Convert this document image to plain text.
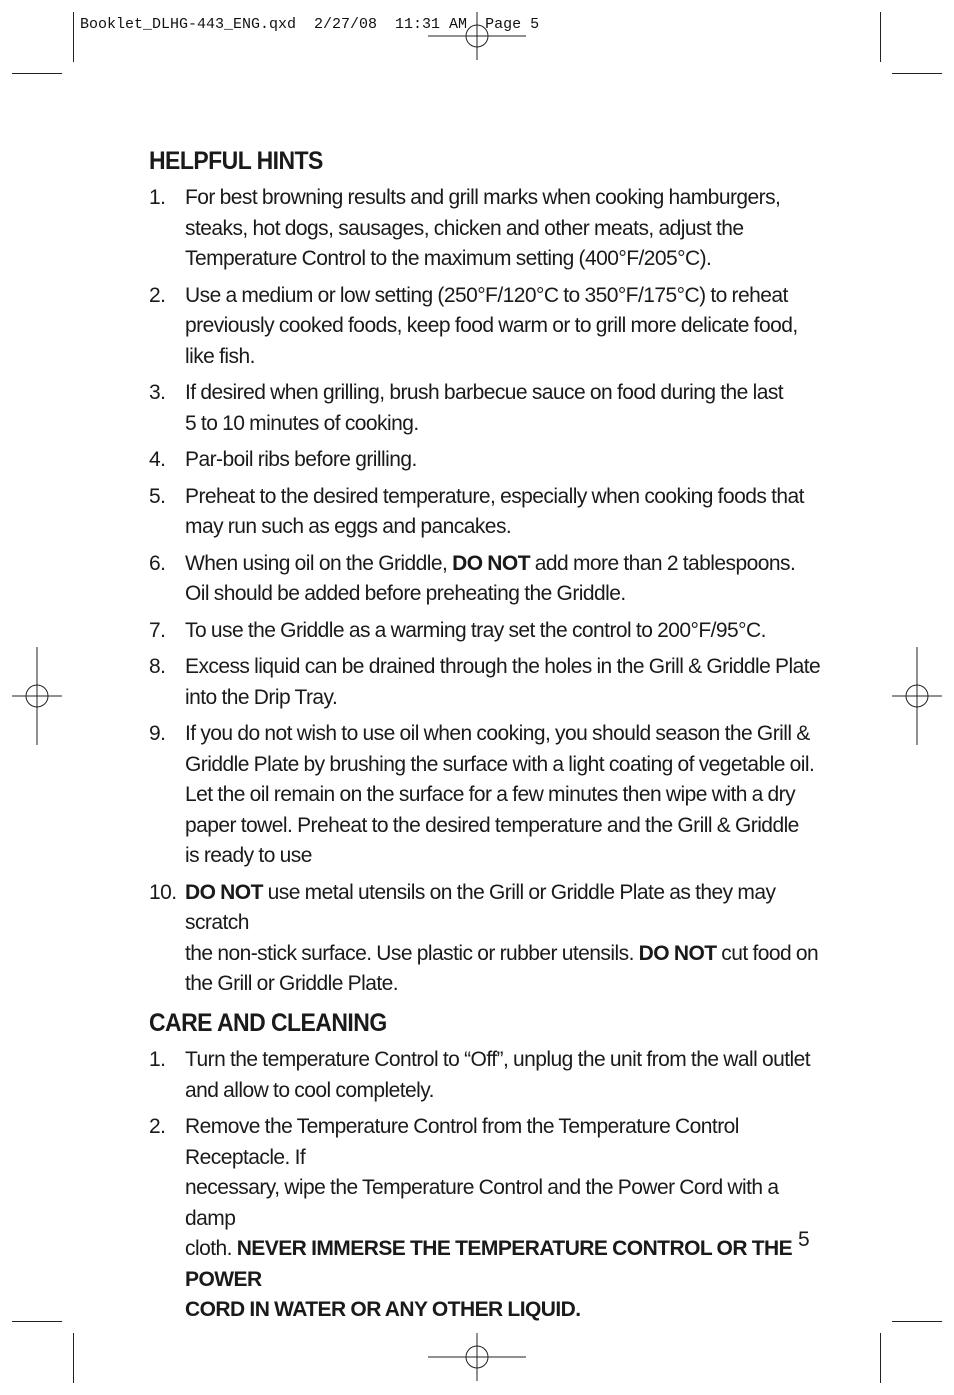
Booklet_DLHG-443_ENG.qxd  2/27/08  11:31 AM  Page 5
HELPFUL HINTS
1. For best browning results and grill marks when cooking hamburgers,
steaks, hot dogs, sausages, chicken and other meats, adjust the
Temperature Control to the maximum setting (400°F/205°C).
2. Use a medium or low setting (250°F/120°C to 350°F/175°C) to reheat
previously cooked foods, keep food warm or to grill more delicate food,
like fish.
3. If desired when grilling, brush barbecue sauce on food during the last
5 to 10 minutes of cooking.
4. Par-boil ribs before grilling.
5. Preheat to the desired temperature, especially when cooking foods that
may run such as eggs and pancakes.
6. When using oil on the Griddle, DO NOT add more than 2 tablespoons.
Oil should be added before preheating the Griddle.
7. To use the Griddle as a warming tray set the control to 200°F/95°C.
8. Excess liquid can be drained through the holes in the Grill & Griddle Plate
into the Drip Tray.
9. If you do not wish to use oil when cooking, you should season the Grill &
Griddle Plate by brushing the surface with a light coating of vegetable oil.
Let the oil remain on the surface for a few minutes then wipe with a dry
paper towel. Preheat to the desired temperature and the Grill & Griddle
is ready to use
10. DO NOT use metal utensils on the Grill or Griddle Plate as they may scratch
the non-stick surface. Use plastic or rubber utensils. DO NOT cut food on
the Grill or Griddle Plate.
CARE AND CLEANING
1. Turn the temperature Control to “Off”, unplug the unit from the wall outlet
and allow to cool completely.
2. Remove the Temperature Control from the Temperature Control Receptacle. If
necessary, wipe the Temperature Control and the Power Cord with a damp
cloth. NEVER IMMERSE THE TEMPERATURE CONTROL OR THE POWER
CORD IN WATER OR ANY OTHER LIQUID.
5
